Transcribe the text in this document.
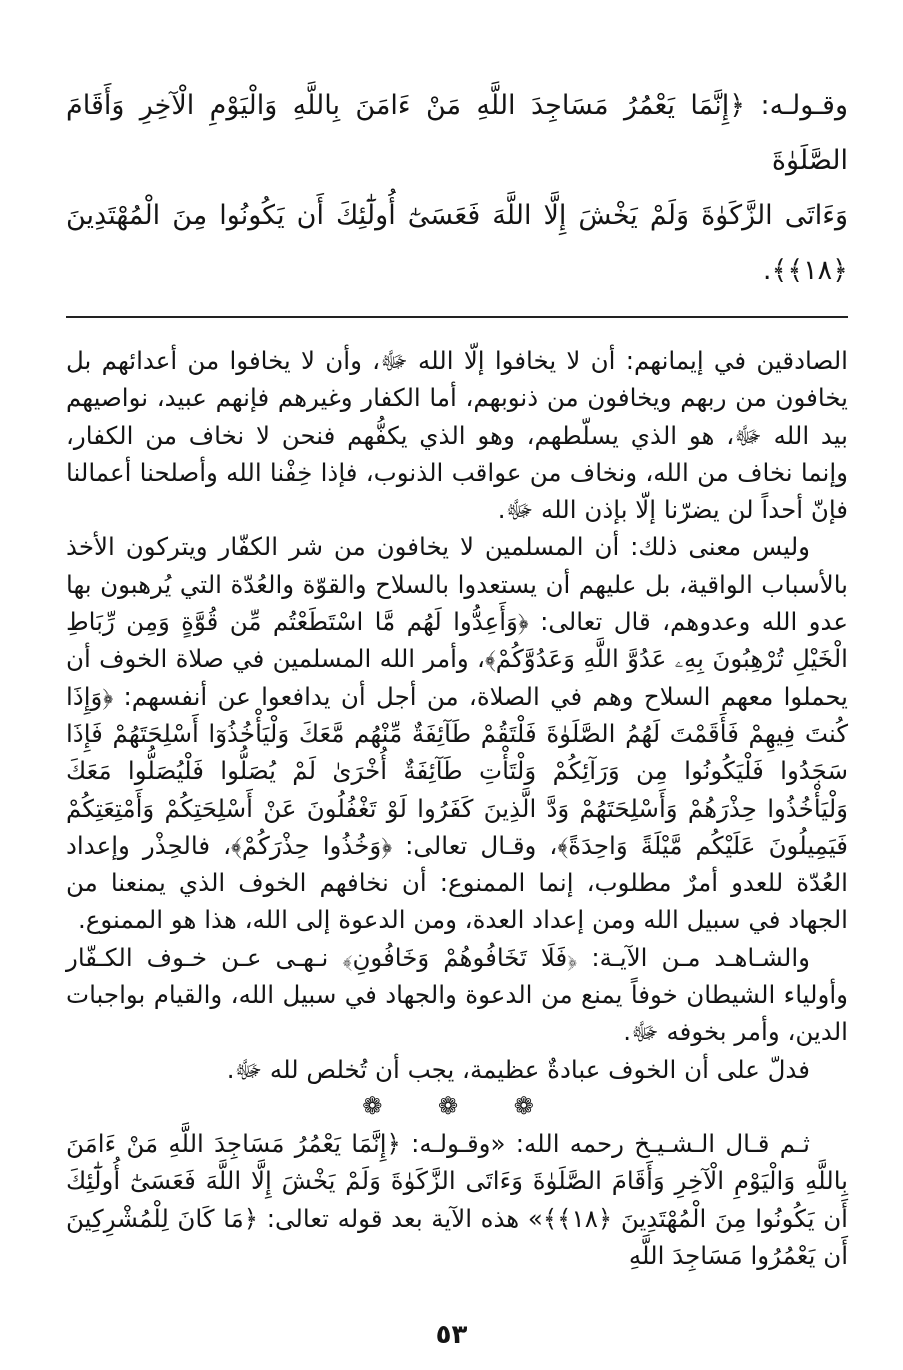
وقـولـه: ﴿إِنَّمَا يَعْمُرُ مَسَاجِدَ اللَّهِ مَنْ ءَامَنَ بِاللَّهِ وَالْيَوْمِ الْآخِرِ وَأَقَامَ الصَّلَوٰةَ

وَءَاتَى الزَّكَوٰةَ وَلَمْ يَخْشَ إِلَّا اللَّهَ فَعَسَىٰٓ أُولَٰٓئِكَ أَن يَكُونُوا مِنَ الْمُهْتَدِينَ ﴿١٨﴾﴾.

الصادقين في إيمانهم: أن لا يخافوا إلّا الله ﷻ، وأن لا يخافوا من أعدائهم بل يخافون من ربهم ويخافون من ذنوبهم، أما الكفار وغيرهم فإنهم عبيد، نواصيهم بيد الله ﷻ، هو الذي يسلّطهم، وهو الذي يكفُّهم فنحن لا نخاف من الكفار، وإنما نخاف من الله، ونخاف من عواقب الذنوب، فإذا خِفْنا الله وأصلحنا أعمالنا فإنّ أحداً لن يضرّنا إلّا بإذن الله ﷻ.

وليس معنى ذلك: أن المسلمين لا يخافون من شر الكفّار ويتركون الأخذ بالأسباب الواقية، بل عليهم أن يستعدوا بالسلاح والقوّة والعُدّة التي يُرهبون بها عدو الله وعدوهم، قال تعالى: ﴿وَأَعِدُّوا لَهُم مَّا اسْتَطَعْتُم مِّن قُوَّةٍ وَمِن رِّبَاطِ الْخَيْلِ تُرْهِبُونَ بِهِۦ عَدُوَّ اللَّهِ وَعَدُوَّكُمْ﴾، وأمر الله المسلمين في صلاة الخوف أن يحملوا معهم السلاح وهم في الصلاة، من أجل أن يدافعوا عن أنفسهم: ﴿وَإِذَا كُنتَ فِيهِمْ فَأَقَمْتَ لَهُمُ الصَّلَوٰةَ فَلْتَقُمْ طَآئِفَةٌ مِّنْهُم مَّعَكَ وَلْيَأْخُذُوٓا أَسْلِحَتَهُمْ فَإِذَا سَجَدُوا فَلْيَكُونُوا مِن وَرَآئِكُمْ وَلْتَأْتِ طَآئِفَةٌ أُخْرَىٰ لَمْ يُصَلُّوا فَلْيُصَلُّوا مَعَكَ وَلْيَأْخُذُوا حِذْرَهُمْ وَأَسْلِحَتَهُمْ وَدَّ الَّذِينَ كَفَرُوا لَوْ تَغْفُلُونَ عَنْ أَسْلِحَتِكُمْ وَأَمْتِعَتِكُمْ فَيَمِيلُونَ عَلَيْكُم مَّيْلَةً وَاحِدَةً﴾، وقـال تعالى: ﴿وَخُذُوا حِذْرَكُمْ﴾، فالحِذْر وإعداد العُدّة للعدو أمرٌ مطلوب، إنما الممنوع: أن نخافهم الخوف الذي يمنعنا من الجهاد في سبيل الله ومن إعداد العدة، ومن الدعوة إلى الله، هذا هو الممنوع.

والشـاهـد مـن الآيـة: ﴿فَلَا تَخَافُوهُمْ وَخَافُونِ﴾ نـهـى عـن خـوف الكـفّار وأولياء الشيطان خوفاً يمنع من الدعوة والجهاد في سبيل الله، والقيام بواجبات الدين، وأمر بخوفه ﷻ.

فدلّ على أن الخوف عبادةٌ عظيمة، يجب أن تُخلص لله ﷻ.

❁ ❁ ❁

ثـم قـال الـشـيـخ رحمه الله: «وقـولـه: ﴿إِنَّمَا يَعْمُرُ مَسَاجِدَ اللَّهِ مَنْ ءَامَنَ بِاللَّهِ وَالْيَوْمِ الْآخِرِ وَأَقَامَ الصَّلَوٰةَ وَءَاتَى الزَّكَوٰةَ وَلَمْ يَخْشَ إِلَّا اللَّهَ فَعَسَىٰٓ أُولَٰٓئِكَ أَن يَكُونُوا مِنَ الْمُهْتَدِينَ ﴿١٨﴾﴾» هذه الآية بعد قوله تعالى: ﴿مَا كَانَ لِلْمُشْرِكِينَ أَن يَعْمُرُوا مَسَاجِدَ اللَّهِ

٥٣
